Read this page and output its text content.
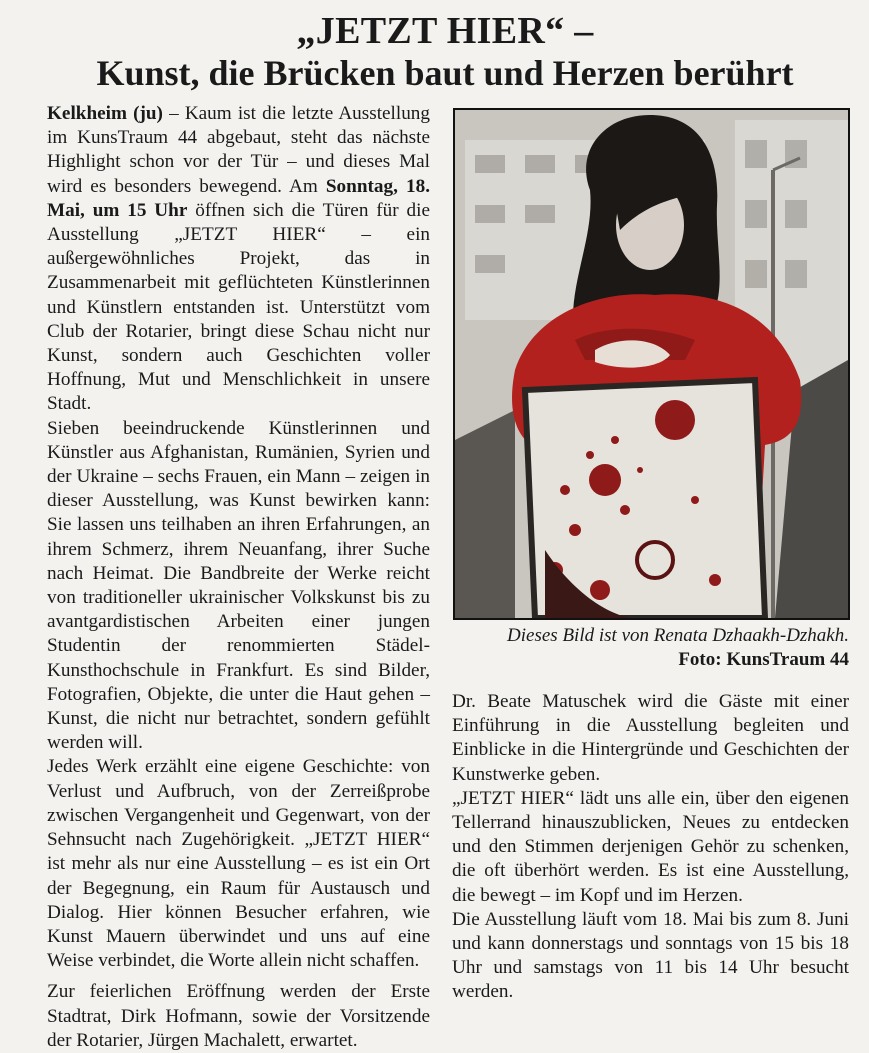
„JETZT HIER“ –
Kunst, die Brücken baut und Herzen berührt

Kelkheim (ju) – Kaum ist die letzte Ausstellung im KunsTraum 44 abgebaut, steht das nächste Highlight schon vor der Tür – und dieses Mal wird es besonders bewegend. Am Sonntag, 18. Mai, um 15 Uhr öffnen sich die Türen für die Ausstellung „JETZT HIER“ – ein außergewöhnliches Projekt, das in Zusammenarbeit mit geflüchteten Künstlerinnen und Künstlern entstanden ist. Unterstützt vom Club der Rotarier, bringt diese Schau nicht nur Kunst, sondern auch Geschichten voller Hoffnung, Mut und Menschlichkeit in unsere Stadt.

Sieben beeindruckende Künstlerinnen und Künstler aus Afghanistan, Rumänien, Syrien und der Ukraine – sechs Frauen, ein Mann – zeigen in dieser Ausstellung, was Kunst bewirken kann: Sie lassen uns teilhaben an ihren Erfahrungen, an ihrem Schmerz, ihrem Neuanfang, ihrer Suche nach Heimat. Die Bandbreite der Werke reicht von traditioneller ukrainischer Volkskunst bis zu avantgardistischen Arbeiten einer jungen Studentin der renommierten Städel-Kunsthochschule in Frankfurt. Es sind Bilder, Fotografien, Objekte, die unter die Haut gehen – Kunst, die nicht nur betrachtet, sondern gefühlt werden will.

Jedes Werk erzählt eine eigene Geschichte: von Verlust und Aufbruch, von der Zerreißprobe zwischen Vergangenheit und Gegenwart, von der Sehnsucht nach Zugehörigkeit. „JETZT HIER“ ist mehr als nur eine Ausstellung – es ist ein Ort der Begegnung, ein Raum für Austausch und Dialog. Hier können Besucher erfahren, wie Kunst Mauern überwindet und uns auf eine Weise verbindet, die Worte allein nicht schaffen.

Zur feierlichen Eröffnung werden der Erste Stadtrat, Dirk Hofmann, sowie der Vorsitzende der Rotarier, Jürgen Machalett, erwartet.

Dieses Bild ist von Renata Dzhaakh-Dzhakh.
Foto: KunsTraum 44

Dr. Beate Matuschek wird die Gäste mit einer Einführung in die Ausstellung begleiten und Einblicke in die Hintergründe und Geschichten der Kunstwerke geben.

„JETZT HIER“ lädt uns alle ein, über den eigenen Tellerrand hinauszublicken, Neues zu entdecken und den Stimmen derjenigen Gehör zu schenken, die oft überhört werden. Es ist eine Ausstellung, die bewegt – im Kopf und im Herzen.

Die Ausstellung läuft vom 18. Mai bis zum 8. Juni und kann donnerstags und sonntags von 15 bis 18 Uhr und samstags von 11 bis 14 Uhr besucht werden.
